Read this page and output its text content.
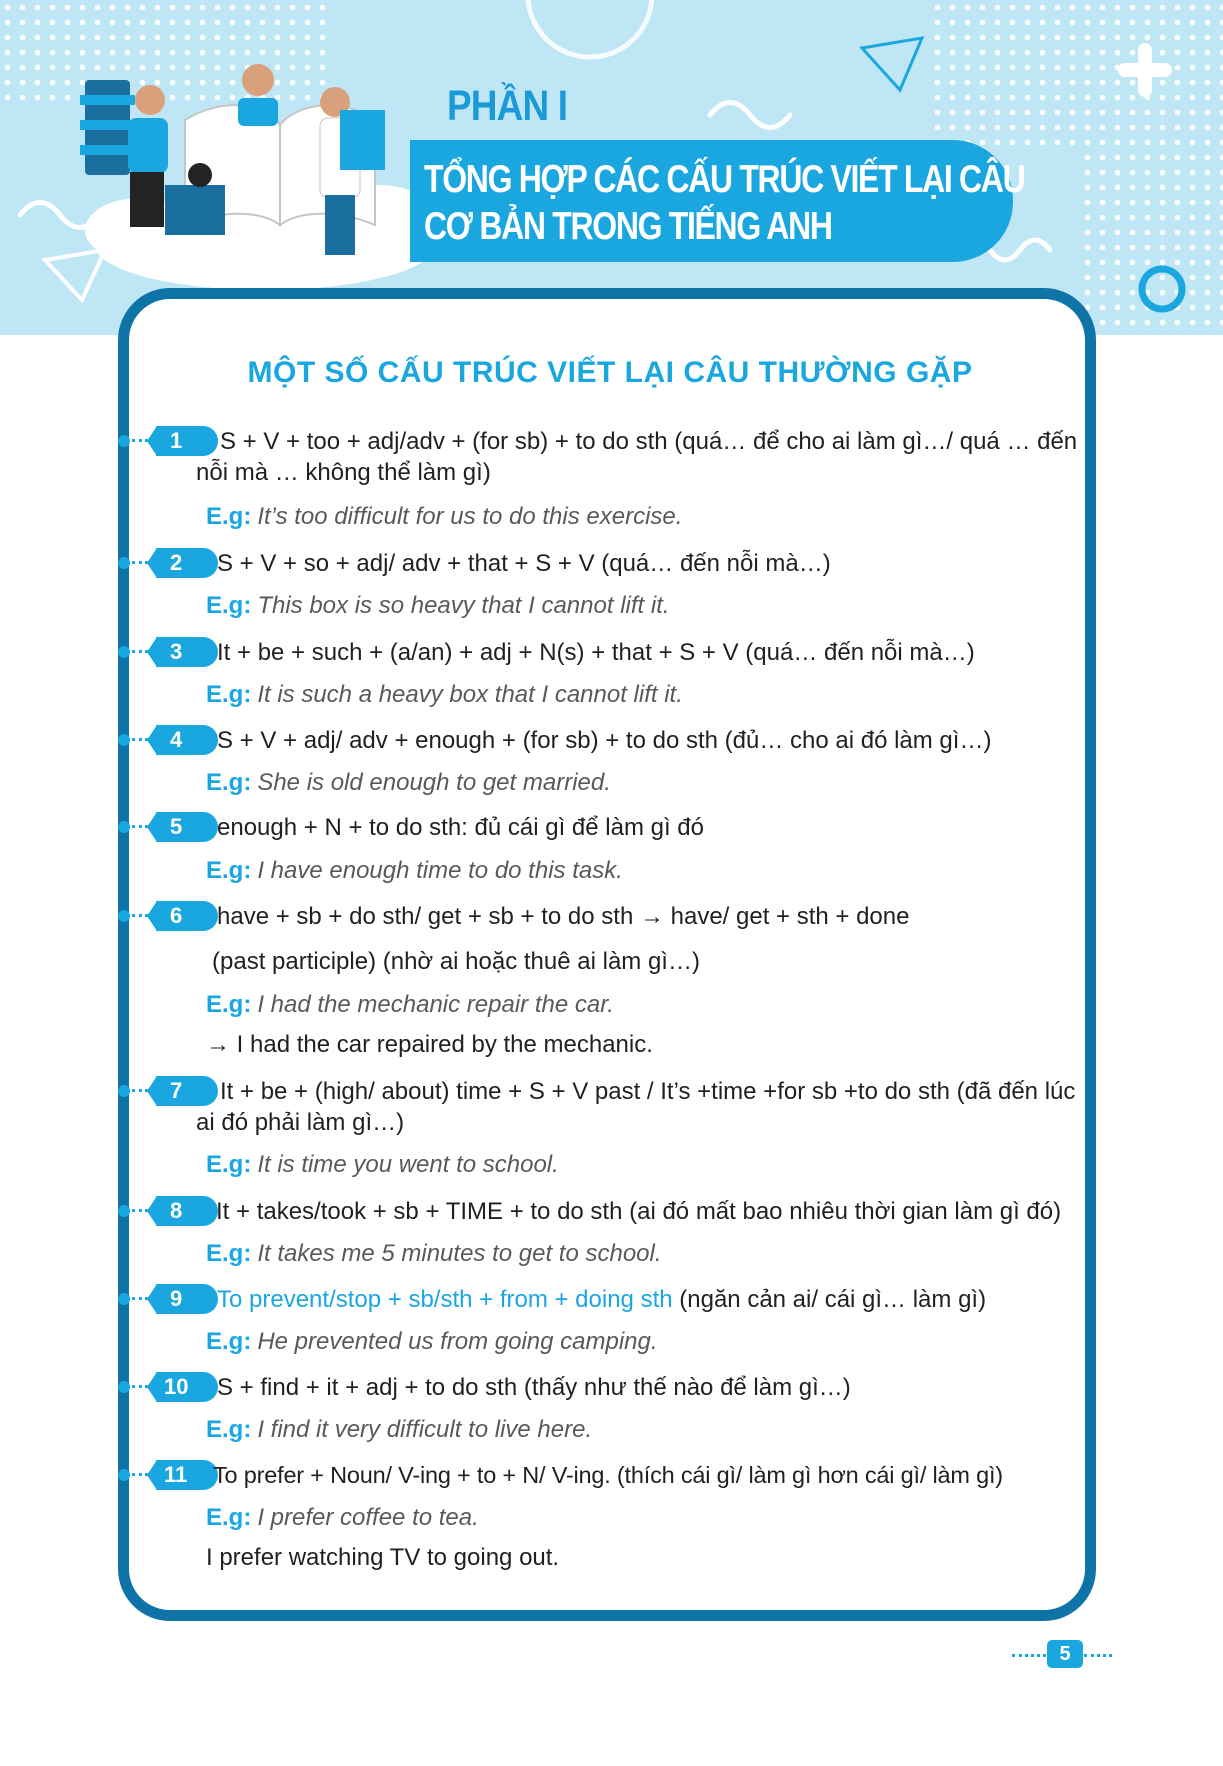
PHẦN I
TỔNG HỢP CÁC CẤU TRÚC VIẾT LẠI CÂU
CƠ BẢN TRONG TIẾNG ANH
MỘT SỐ CẤU TRÚC VIẾT LẠI CÂU THƯỜNG GẶP
1	S + V + too + adj/adv + (for sb) + to do sth (quá… để cho ai làm gì…/ quá … đến nỗi mà … không thể làm gì)
E.g: It’s too difficult for us to do this exercise.
2	S + V + so + adj/ adv + that + S + V (quá… đến nỗi mà…)
E.g: This box is so heavy that I cannot lift it.
3	It + be + such + (a/an) + adj + N(s) + that + S + V (quá… đến nỗi mà…)
E.g: It is such a heavy box that I cannot lift it.
4	S + V + adj/ adv + enough + (for sb) + to do sth (đủ… cho ai đó làm gì…)
E.g: She is old enough to get married.
5	enough + N + to do sth: đủ cái gì để làm gì đó
E.g: I have enough time to do this task.
6	have + sb + do sth/ get + sb + to do sth → have/ get + sth + done
(past participle) (nhờ ai hoặc thuê ai làm gì…)
E.g: I had the mechanic repair the car.
→ I had the car repaired by the mechanic.
7	It + be + (high/ about) time + S + V past / It’s +time +for sb +to do sth (đã đến lúc ai đó phải làm gì…)
E.g: It is time you went to school.
8	It + takes/took + sb + TIME + to do sth (ai đó mất bao nhiêu thời gian làm gì đó)
E.g: It takes me 5 minutes to get to school.
9	To prevent/stop + sb/sth + from + doing sth (ngăn cản ai/ cái gì… làm gì)
E.g: He prevented us from going camping.
10	S + find + it + adj + to do sth (thấy như thế nào để làm gì…)
E.g: I find it very difficult to live here.
11	To prefer + Noun/ V-ing + to + N/ V-ing. (thích cái gì/ làm gì hơn cái gì/ làm gì)
E.g: I prefer coffee to tea.
I prefer watching TV to going out.
5
